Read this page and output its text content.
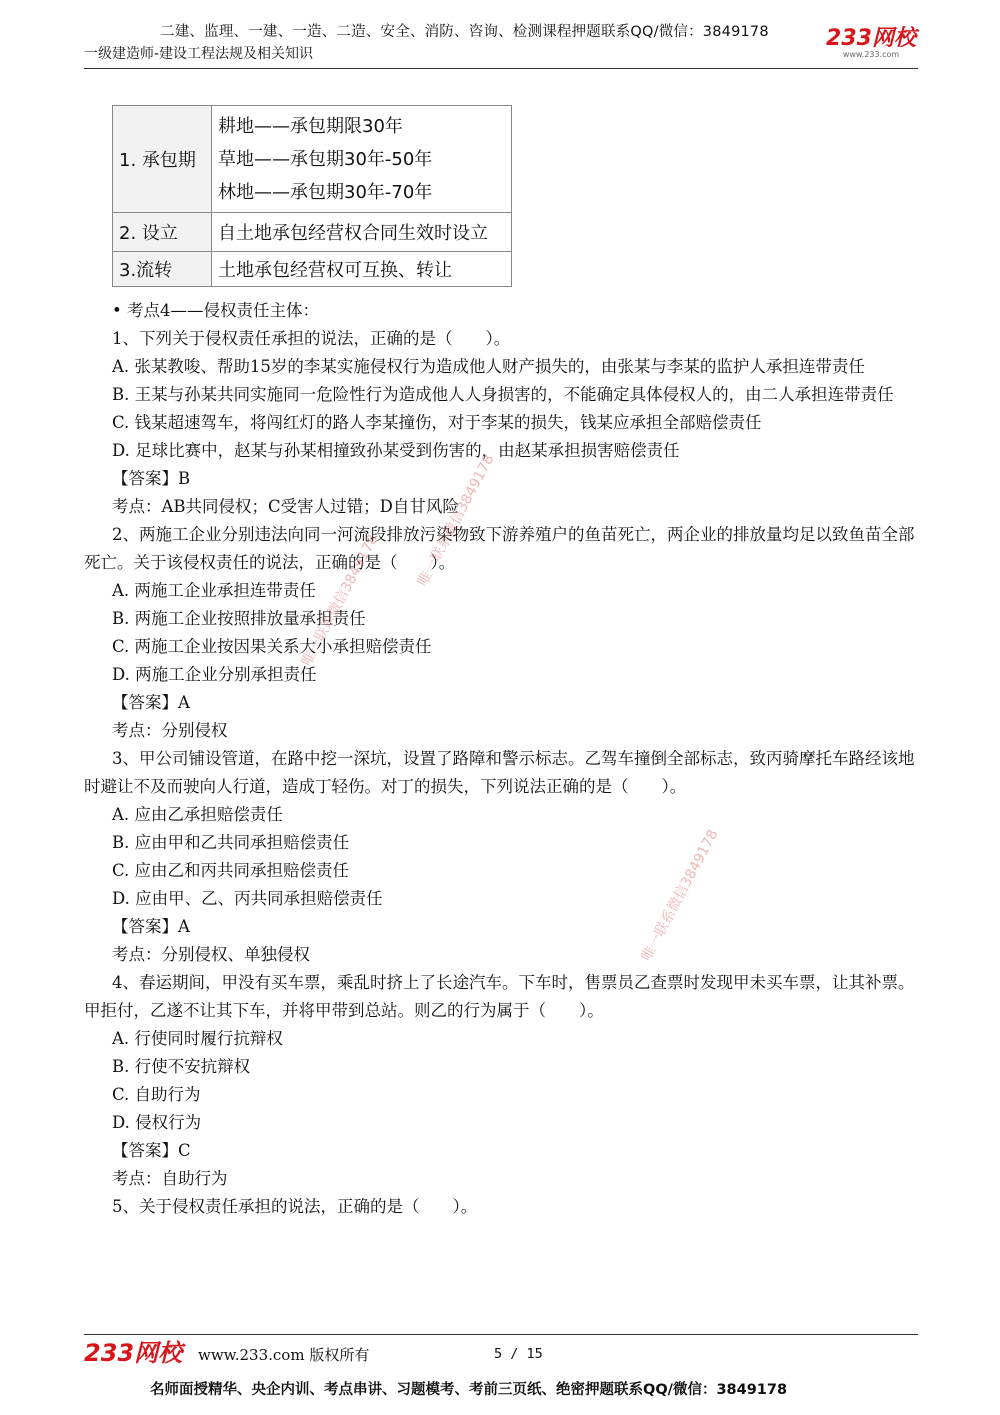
二建、监理、一建、一造、二造、安全、消防、咨询、检测课程押题联系QQ/微信：3849178
一级建造师-建设工程法规及相关知识
233网校
www.233.com
1. 承包期	耕地——承包期限30年
草地——承包期30年-50年
林地——承包期30年-70年

2. 设立	自土地承包经营权合同生效时设立
3.流转	土地承包经营权可互换、转让
• 考点4——侵权责任主体：
1、下列关于侵权责任承担的说法，正确的是（　　）。
A. 张某教唆、帮助15岁的李某实施侵权行为造成他人财产损失的，由张某与李某的监护人承担连带责任
B. 王某与孙某共同实施同一危险性行为造成他人人身损害的，不能确定具体侵权人的，由二人承担连带责任
C. 钱某超速驾车，将闯红灯的路人李某撞伤，对于李某的损失，钱某应承担全部赔偿责任
D. 足球比赛中，赵某与孙某相撞致孙某受到伤害的，由赵某承担损害赔偿责任
【答案】B
考点：AB共同侵权；C受害人过错；D自甘风险
2、两施工企业分别违法向同一河流段排放污染物致下游养殖户的鱼苗死亡，两企业的排放量均足以致鱼苗全部死亡。关于该侵权责任的说法，正确的是（　　）。
A. 两施工企业承担连带责任
B. 两施工企业按照排放量承担责任
C. 两施工企业按因果关系大小承担赔偿责任
D. 两施工企业分别承担责任
【答案】A
考点：分别侵权
3、甲公司铺设管道，在路中挖一深坑，设置了路障和警示标志。乙驾车撞倒全部标志，致丙骑摩托车路经该地时避让不及而驶向人行道，造成丁轻伤。对丁的损失，下列说法正确的是（　　）。
A. 应由乙承担赔偿责任
B. 应由甲和乙共同承担赔偿责任
C. 应由乙和丙共同承担赔偿责任
D. 应由甲、乙、丙共同承担赔偿责任
【答案】A
考点：分别侵权、单独侵权
4、春运期间，甲没有买车票，乘乱时挤上了长途汽车。下车时，售票员乙查票时发现甲未买车票，让其补票。甲拒付，乙遂不让其下车，并将甲带到总站。则乙的行为属于（　　）。
A. 行使同时履行抗辩权
B. 行使不安抗辩权
C. 自助行为
D. 侵权行为
【答案】C
考点：自助行为
5、关于侵权责任承担的说法，正确的是（　　）。
唯一联系微信3849178
唯一联系微信3849178
唯一联系微信3849178
233网校 www.233.com 版权所有	5 / 15
名师面授精华、央企内训、考点串讲、习题模考、考前三页纸、绝密押题联系QQ/微信：3849178
